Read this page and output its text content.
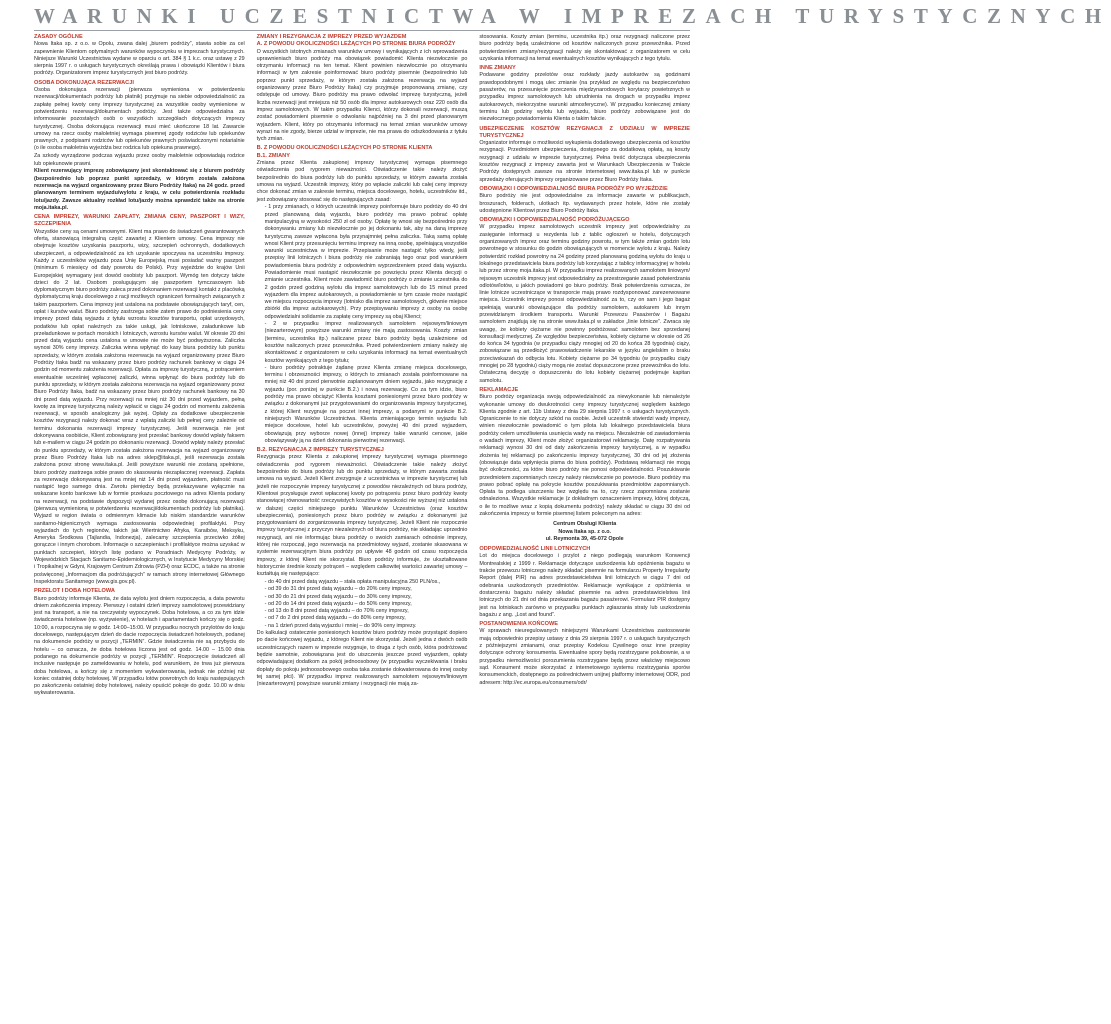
WARUNKI UCZESTNICTWA W IMPREZACH TURYSTYCZNYCH
ZASADY OGÓLNE

Nowa Itaka sp. z o.o. w Opolu, zwana dalej „biurem podróży”, stawia sobie za cel zapewnienie Klientom optymalnych warunków wypoczynku w imprezach turystycznych. Niniejsze Warunki Uczestnictwa wydane w oparciu o art. 384 § 1 k.c. oraz ustawę z 29 sierpnia 1997 r. o usługach turystycznych określają prawa i obowiązki Klientów i biura podróży. Organizatorem imprez turystycznych jest biuro podróży.

OSOBA DOKONUJĄCA REZERWACJI

Osoba dokonująca rezerwacji (pierwsza wymieniona w potwierdzeniu rezerwacji/dokumentach podróży lub płatnik) przyjmuje na siebie odpowiedzialność za zapłatę pełnej kwoty ceny imprezy turystycznej za wszystkie osoby wymienione w potwierdzeniu rezerwacji/dokumentach podróży. Jest także odpowiedzialna za informowanie pozostałych osób o wszystkich szczegółach dotyczących imprezy turystycznej. Osoba dokonująca rezerwacji musi mieć ukończone 18 lat. Zawarcie umowy na rzecz osoby małoletniej wymaga pisemnej zgody rodziców lub opiekunów prawnych, z podpisami rodziców lub opiekunów prawnych poświadczonymi notarialnie (o ile osoba małoletnia wyjeżdża bez rodzica lub opiekuna prawnego).

Za szkody wyrządzone podczas wyjazdu przez osoby małoletnie odpowiadają rodzice lub opiekunowie prawni.

Klient rezerwujący imprezę zobowiązany jest skontaktować się z biurem podróży (bezpośrednio lub poprzez punkt sprzedaży, w którym została założona rezerwacja na wyjazd organizowany przez Biuro Podróży Itaka) na 24 godz. przed planowanym terminem wyjazdu/wylotu z kraju, w celu potwierdzenia rozkładu lotu/jazdy. Zawsze aktualny rozkład lotu/jazdy można sprawdzić także na stronie moja.itaka.pl.

CENA IMPREZY, WARUNKI ZAPŁATY, ZMIANA CENY, PASZPORT I WIZY, SZCZEPIENIA

Wszystkie ceny są cenami umownymi. Klient ma prawo do świadczeń gwarantowanych ofertą, stanowiącą integralną część zawartej z Klientem umowy. Cena imprezy nie obejmuje kosztów uzyskania paszportu, wizy, szczepień ochronnych, dodatkowych ubezpieczeń, a odpowiedzialność za ich uzyskanie spoczywa na uczestniku imprezy. Każdy z uczestników wyjazdu poza Unię Europejską musi posiadać ważny paszport (minimum 6 miesięcy od daty powrotu do Polski). Przy wyjeździe do krajów Unii Europejskiej wymagany jest dowód osobisty lub paszport. Wymóg ten dotyczy także dzieci do 2 lat. Osobom posługującym się paszportem tymczasowym lub dyplomatycznym biuro podróży zaleca przed dokonaniem rezerwacji kontakt z placówką dyplomatyczną kraju docelowego z racji możliwych ograniczeń formalnych związanych z takim paszportem. Cena imprezy jest ustalona na podstawie obowiązujących taryf, cen, opłat i kursów walut. Biuro podróży zastrzega sobie zatem prawo do podniesienia ceny imprezy przed datą wyjazdu z tytułu wzrostu kosztów transportu, opłat urzędowych, podatków lub opłat należnych za takie usługi, jak lotniskowe, załadunkowe lub przeładunkowe w portach morskich i lotniczych, wzrostu kursów walut. W okresie 20 dni przed datą wyjazdu cena ustalona w umowie nie może być podwyższona. Zaliczka wynosi 30% ceny imprezy. Zaliczka winna wpłynąć do kasy biura podróży lub punktu sprzedaży, w którym została założona rezerwacja na wyjazd organizowany przez Biuro Podróży Itaka badź na wskazany przez biuro podróży rachunek bankowy w ciągu 24 godzin od momentu założenia rezerwacji. Opłata za imprezę turystyczną, z potrąceniem ewentualnie wcześniej wpłaconej zaliczki, winna wpłynąć do biura podróży lub do punktu sprzedaży, w którym została założona rezerwacja na wyjazd organizowany przez Biuro Podróży Itaka, badź na wskazany przez biuro podróży rachunek bankowy na 30 dni przed datą wyjazdu. Przy rezerwacji na mniej niż 30 dni przed wyjazdem, pełną kwotę za imprezę turystyczną należy wpłacić w ciągu 24 godzin od momentu założenia rezerwacji, w sposób analogiczny jak wyżej. Opłaty za dodatkowe ubezpieczenie kosztów rezygnacji należy dokonać wraz z wpłatą zaliczki lub pełnej ceny zależnie od terminu dokonania rezerwacji imprezy turystycznej. Jeśli rezerwacja nie jest dokonywana osobiście, Klient zobowiązany jest przesłać bankowy dowód wpłaty faksem lub e-mailem w ciągu 24 godzin po dokonaniu rezerwacji. Dowód wpłaty należy przesłać do punktu sprzedaży, w którym została założona rezerwacja na wyjazd organizowany przez Biuro Podróży Itaka lub na adres sklep@itaka.pl, jeśli rezerwacja została założona przez stronę www.itaka.pl. Jeśli powyższe warunki nie zostaną spełnione, biuro podróży zastrzega sobie prawo do skasowania niezapłaconej rezerwacji. Zapłata za rezerwację dokonywaną jest na mniej niż 14 dni przed wyjazdem, płatność musi nastąpić tego samego dnia. Zwrotu pieniędzy będą przekazywane wyłącznie na wskazane konto bankowe lub w formie przekazu pocztowego na adres Klienta podany na rezerwacji, na podstawie dyspozycji wydanej przez osobę dokonującą rezerwacji (pierwszą wymienioną w potwierdzeniu rezerwacji/dokumentach podróży lub płatnika). Wyjazd w region świata o odmiennym klimacie lub niskim standardzie warunków sanitarno-higienicznych wymaga zastosowania odpowiedniej profilaktyki. Przy wyjazdach do tych regionów, takich jak Wiertnictwo Afryka, Karaibów, Meksyku, Ameryka Środkowa (Tajlandia, Indonezja), zalecamy szczepienia przeciwko żółtej gorączce i innym chorobom. Informacje o szczepieniach i profilaktyce można uzyskać w punktach szczepień, których listę podano w Poradniach Medycyny Podróży, w Wojewódzkich Stacjach Sanitarno-Epidemiologicznych, w Instytucie Medycyny Morskiej i Tropikalnej w Gdyni, Krajowym Centrum Zdrowia (PZH) oraz ECDC, a także na stronie poświęconej „Informacjom dla podróżujących” w ramach strony internetowej Głównego Inspektoratu Sanitarnego (www.gis.gov.pl).

PRZELOT I DOBA HOTELOWA

Biuro podróży informuje Klienta, że data wylotu jest dniem rozpoczęcia, a data powrotu dniem zakończenia imprezy. Pierwszy i ostatni dzień imprezy samolotowej przewidziany jest na transport, a nie na rzeczywisty wypoczynek. Doba hotelowa, a co za tym idzie świadczenia hotelowe (np. wyżywienie), w hotelach i apartamentach kończy się o godz. 10:00, a rozpoczyna się w godz. 14:00–15:00. W przypadku nocnych przylotów do kraju docelowego, następującym dzień do dacie rozpoczęcia świadczeń hotelowych, podanej na dokumencie podróży w pozycji „TERMIN”. Gdzie świadczenia nie są przybyciu do hotelu – co oznacza, że doba hotelowa liczona jest od godz. 14.00 – 15.00 dnia podanego na dokumencie podróży w pozycji „TERMIN”. Rozpoczęcie świadczeń all inclusive następuje po zameldowaniu w hotelu, pod warunkiem, że trwa już pierwsza doba hotelowa, a kończy się z momentem wykwaterowania, jednak nie później niż koniec ostatniej doby hotelowej. W przypadku lotów powrotnych do kraju następujących po zakończeniu ostatniej doby hotelowej, należy opuścić pokoje do godz. 10.00 w dniu wykwaterowania.

ZMIANY I REZYGNACJA Z IMPREZY PRZED WYJAZDEM
A. Z POWODU OKOLICZNOŚCI LEŻĄCYCH PO STRONIE BIURA PODRÓŻY

O wszystkich istotnych zmianach warunków umowy i wynikających z ich wprowadzenia uprawnieniach biuro podróży ma obowiązek powiadomić Klienta niezwłocznie po otrzymaniu informacji na ten temat. Klient powinien niezwłocznie po otrzymaniu informacji w tym zakresie poinformować biuro podróży pisemnie (bezpośrednio lub poprzez punkt sprzedaży, w którym została założona rezerwacja na wyjazd organizowany przez Biuro Podróży Itaka) czy przyjmuje proponowaną zmianę, czy odstępuje od umowy. Biuro podróży ma prawo odwołać imprezę turystyczną, jeżeli liczba rezerwacji jest mniejsza niż 50 osób dla imprez autokarowych oraz 220 osób dla imprez samolotowych. W takim przypadku Klienci, którzy dokonali rezerwacji, muszą zostać powiadomieni pisemnie o odwołaniu najpóźniej na 3 dni przed planowanym wyjazdem. Klient, który po otrzymaniu informacji na temat zmian warunków umowy wyrazi na nie zgody, bierze udział w imprezie, nie ma prawa do odszkodowania z tytułu tych zmian.

B. Z POWODU OKOLICZNOŚCI LEŻĄCYCH PO STRONIE KLIENTA
B.1. ZMIANY

Zmiana przez Klienta zakupionej imprezy turystycznej wymaga pisemnego oświadczenia pod rygorem nieważności. Oświadczenie takie należy złożyć bezpośrednio do biura podróży lub do punktu sprzedaży, w którym zawarta została umowa na wyjazd. Uczestnik imprezy, który po wpłacie zaliczki lub całej ceny imprezy chce dokonać zmian w zakresie terminu, miejsca docelowego, hotelu, uczestników itd., jest zobowiązany stosować się do następujących zasad:

- 1 przy zmianach, o których uczestnik imprezy poinformuje biuro podróży do 40 dni przed planowaną datą wyjazdu, biuro podróży ma prawo pobrać opłatę manipulacyjną w wysokości 250 zł od osoby. Opłatę tę wnosi się bezpośrednio przy dokonywaniu zmiany lub niezwłocznie po jej dokonaniu tak, aby na daną imprezę turystyczną zawsze wpłacona była przynajmniej pełna zaliczka. Taką samą opłatę wnosi Klient przy przesunięciu terminu imprezy na inną osobę, spełniającą wszystkie warunki uczestnictwa w imprezie. Przepisanie może nastąpić tylko wtedy, jeśli przepisy linii lotniczych i biura podróży nie zabraniają tego oraz pod warunkiem powiadomienia biura podróży z odpowiednim wyprzedzeniem przed datą wyjazdu. Powiadomienie musi nastąpić niezwłocznie po powzięciu przez Klienta decyzji o zmianie uczestnika. Klient może zawiadomić biuro podróży o zmianie uczestnika do 2 godzin przed godziną wylotu dla imprez samolotowych lub do 15 minut przed wyjazdem dla imprez autokarowych, a powiadomienie w tym czasie może nastąpić we miejscu rozpoczęcia imprezy (lotnisko dla imprez samolotowych, głównie miejsce zbiórki dla imprez autokarowych). Przy przepisywaniu imprezy z osoby na osobę odpowiedzialni solidarnie za zapłatę ceny imprezy są obaj Klienci;
- 2 w przypadku imprez realizowanych samolotem rejsowym/liniowym (niezarterowym) powyższe warunki zmiany nie mają zastosowania. Koszty zmian (terminu, uczestnika itp.) naliczane przez biuro podróży będą uzależnione od kosztów naliczonych przez przewoźnika. Przed potwierdzeniem zmiany należy się skontaktować z organizatorem w celu uzyskania informacji na temat ewentualnych kosztów wynikających z tego tytułu;
- biuro podróży potraktuje żądanę przez Klienta zmianę miejsca docelowego, terminu i obrzeszności imprezy, o których to zmianach została poinformowane na mniej niż 40 dni przed pierwotnie zaplanowanym dniem wyjazdu, jako rezygnację z wyjazdu (por. poniżej w punkcie B.2.) i nową rezerwację. Co za tym idzie, biuro podróży ma prawo obciążyć Klienta kosztami poniesionymi przez biuro podróży w związku z dokonanymi już przygotowaniami do organizowania imprezy turystycznej, z której Klient rezygnuje na poczet innej imprezy, a podanymi w punkcie B.2. niniejszych Warunków Uczestnictwa. Klienta zmieniającego termin wyjazdu lub miejsce docelowe, hotel lub uczestników, powyżej 40 dni przed wyjazdem, obowiązują przy wyborze nowej (innej) imprezy takie warunki cenowe, jakie obowiązywały ją na dzień dokonania pierwotnej rezerwacji.
B.2. REZYGNACJA Z IMPREZY TURYSTYCZNEJ

Rezygnacja przez Klienta z zakupionej imprezy turystycznej wymaga pisemnego oświadczenia pod rygorem nieważności. Oświadczenie takie należy złożyć bezpośrednio do biura podróży lub do punktu sprzedaży, w którym zawarta została umowa na wyjazd. Jeżeli Klient zrezygnuje z uczestnictwa w imprezie turystycznej lub jeżeli nie rozpoczynie imprezy turystycznej z powodów niezależnych od biura podróży, Klientowi przysługuje zwrot wpłaconej kwoty po potrąceniu przez biuro podróży kwoty stanowiącej równowartość rzeczywistych kosztów w wysokości nie wyższej niż ustalona w dalszej części niniejszego punktu Warunków Uczestnictwa (oraz kosztów ubezpieczenia), poniesionych przez biuro podróży w związku z dokonanymi już przygotowaniami do zorganizowania imprezy turystycznej. Jeżeli Klient nie rozpocznie imprezy turystycznej z przyczyn niezależnych od biura podróży, nie składając uprzednio rezygnacji, ani nie informując biura podróży o swoich zamiarach odnośnie imprezy, której nie rozpoczął, jego rezerwacja na przedmiotowy wyjazd, zostanie skasowana w systemie rezerwacyjnym biura podróży po upływie 48 godzin od czasu rozpoczęcia imprezy, z której Klient nie skorzystał. Biuro podróży informuje, że ukształtowane historycznie średnie koszty potrąceń – względem całkowitej wartości zawartej umowy – kształtują się następująco:

- do 40 dni przed datą wyjazdu – stała opłata manipulacyjna 250 PLN/os.,
- od 39 do 31 dni przed datą wyjazdu – do 20% ceny imprezy,
- od 30 do 21 dni przed datą wyjazdu – do 30% ceny imprezy,
- od 20 do 14 dni przed datą wyjazdu – do 50% ceny imprezy,
- od 13 do 8 dni przed datą wyjazdu – do 70% ceny imprezy,
- od 7 do 2 dni przed datą wyjazdu – do 80% ceny imprezy,
- na 1 dzień przed datą wyjazdu i mniej – do 90% ceny imprezy.

Do kalkulacji ostatecznie poniesionych kosztów biuro podróży może przystąpić dopiero po dacie końcowej wyjazdu, z którego Klient nie skorzystał. Jeżeli jedna z dwóch osób uczestniczących razem w imprezie rezygnuje, to druga z tych osób, która podróżować będzie samotnie, zobowiązana jest do uiszczenia jeszcze przed wyjazdem, opłaty odpowiadającej dodatkom za pokój jednoosobowy (w przypadku wyczekiwania i braku dopłaty do pokoju jednoosobowego osoba taka zostanie dokwaterowana do innej osoby tej samej płci). W przypadku imprez realizowanych samolotem rejsowym/liniowym (niezarterowym) powyższe warunki zmiany i rezygnacji nie mają za-

stosowania. Koszty zmian (terminu, uczestnika itp.) oraz rezygnacji naliczone przez biuro podróży będą uzależnione od kosztów naliczonych przez przewoźnika. Przed potwierdzeniem zmiany/rezygnacji należy się skontaktować z organizatorem w celu uzyskania informacji na temat ewentualnych kosztów wynikających z tego tytułu.

INNE ZMIANY

Podawane godziny przelotów oraz rozkłady jazdy autokarów są godzinami prawdopodobnymi i mogą ulec zmianie (na przykład ze względu na bezpieczeństwo pasażerów, na przesunięcie przeczenia międzynarodowych korytarzy powietrznych w przypadku imprez samolotowych lub utrudnienia na drogach w przypadku imprez autokarowych, niekorzystne warunki atmosferyczne). W przypadku koniecznej zmiany terminu lub godziny wylotu lub wyjazdu, biuro podróży zobowiązane jest do niezwłocznego powiadomienia Klienta o takim fakcie.

UBEZPIECZENIE KOSZTÓW REZYGNACJI Z UDZIAŁU W IMPREZIE TURYSTYCZNEJ

Organizator informuje o możliwości wykupienia dodatkowego ubezpieczenia od kosztów rezygnacji. Przedmiotem ubezpieczenia, dostępnego za dodatkową opłatą, są koszty rezygnacji z udziału w imprezie turystycznej. Pełna treść dotycząca ubezpieczenia kosztów rezygnacji z imprezy zawarta jest w Warunkach Ubezpieczenia w Trakcie Podróży dostępnych zawsze na stronie internetowej www.itaka.pl lub w punkcie sprzedaży oferujących imprezy organizowane przez Biuro Podróży Itaka.

OBOWIĄZKI I ODPOWIEDZIALNOŚĆ BIURA PODRÓŻY PO WYJEŹDZIE

Biuro podróży nie jest odpowiedzialne za informacje zawarte w publikacjach, broszurach, folderach, ulotkach itp. wydawanych przez hotele, które nie zostały udostępnione Klientowi przez Biuro Podróży Itaka.

OBOWIĄZKI I ODPOWIEDZIALNOŚĆ PODRÓŻUJĄCEGO

W przypadku imprez samolotowych uczestnik imprezy jest odpowiedzialny za zasięganie informacji u rezydenta lub z tablic ogłoszeń w hotelu, dotyczących organizowanych imprez oraz terminu godziny powrotu, w tym także zmian godzin lotu powrotnego w stosunku do godzin obowiązujących w momencie wylotu z kraju. Należy potwierdzić rozkład powrotny na 24 godziny przed planowaną godziną wylotu do kraju u lokalnego przedstawiciela biura podróży lub korzystając z tablicy informacyjnej w hotelu lub przez stronę moja.itaka.pl. W przypadku imprez realizowanych samolotem liniowym/ rejsowym uczestnik imprezy jest odpowiedzialny za przestrzeganie zasad potwierdzania odlotów/lotów, u jakich powiadomi go biuro podróży. Brak potwierdzenia oznacza, że linie lotnicze uczestniczące w transporcie mają prawo rozdysponować zarezerwowane miejsca. Uczestnik imprezy ponosi odpowiedzialność za to, czy on sam i jego bagaż spełniają warunki obowiązujące dla podróży samolotem, autokarem lub innym przewidzianym środkiem transportu. Warunki Przewozu Pasażerów i Bagażu samolotem znajdują się na stronie www.itaka.pl w zakładce „linie lotnicze”. Zwraca się uwagę, że kobiety ciężarne nie powinny podróżować samolotem bez sprzedanej konsultacji medycznej. Ze względów bezpieczeństwa, kobiety ciężarne w okresie od 26 do końca 34 tygodnia (w przypadku ciąży mnogiej od 20 do końca 28 tygodnia) ciąży, zobowiązane są przedłożyć prawowiadczenie lekarskie w języku angielskim o braku przeciwskazań do odbycia lotu. Kobiety ciężarne po 34 tygodniu (w przypadku ciąży mnogiej po 28 tygodniu) ciąży mogą nie zostać dopuszczone przez przewoźnika do lotu. Ostateczną decyzję o dopuszczeniu do lotu kobiety ciężarnej podejmuje kapitan samolotu.

REKLAMACJE

Biuro podróży organizacja swoją odpowiedzialność za niewykonanie lub nienależyte wykonanie umowy do dwukrotności ceny imprezy turystycznej względem każdego Klienta zgodnie z art. 11b Ustawy z dnia 29 sierpnia 1997 r. o usługach turystycznych. Ograniczenie to nie dotyczy szkód na osobie. Jeżeli uczestnik stwierdzi wady imprezy, winien niezwłocznie powiadomić o tym pilota lub lokalnego przedstawiciela biura podróży celem umożliwienia usunięcia wady na miejscu. Niezależnie od zawiadomienia o wadach imprezy, Klient może złożyć organizatorowi reklamację. Datę rozpatrywania reklamacji wynosi 30 dni od daty zakończenia imprezy turystycznej, a w wypadku złożenia tej reklamacji po zakończeniu imprezy turystycznej, 30 dni od jej złożenia (obowiązuje data wpłynięcia pisma do biura podróży). Podstawą reklamacji nie mogą być okoliczności, za które biuro podróży nie ponosi odpowiedzialności. Poszukiwanie przedmiotem zapomnianych rzeczy należy niezwłocznie po powrocie. Biuro podróży ma prawo pobrać opłatę na pokrycie kosztów poszukiwania przedmiotów zapomnianych. Opłata ta podlega uiszczeniu bez względu na to, czy rzecz zapomniana zostanie odnaleziona. Wszystkie reklamacje (z dokładnym oznaczeniem imprezy, której dotyczą, o ile to możliwe wraz z kopią dokumentu podróży) należy składać w ciągu 30 dni od zakończenia imprezy w formie pisemnej listem poleconym na adres:

Centrum Obsługi Klienta
Nowa Itaka sp. z o.o.
ul. Reymonta 39, 45-072 Opole
ODPOWIEDZIALNOŚĆ LINII LOTNICZYCH

Lot do miejsca docelowego i przylot z niego podlegają warunkom Konwencji Montrealskiej z 1999 r. Reklamacje dotyczące uszkodzenia lub opóźnienia bagażu w trakcie przewozu lotniczego należy składać pisemnie na formularzu Property Irregularity Report (dalej PIR) na adres przedstawicielstwa linii lotniczych w ciągu 7 dni od odebrania uszkodzonych przedmiotów. Reklamacje wynikające z opóźnienia w dostarczeniu bagażu należy składać pisemnie na adres przedstawicielstwa linii lotniczych do 21 dni od dnia przekazania bagażu pasażerowi. Formularz PIR dostępny jest na lotniskach zarówno w przypadku punktach zgłaszania straty lub uszkodzenia bagażu z ang. „Lost and found”.

POSTANOWIENIA KOŃCOWE

W sprawach nieuregulowanych niniejszymi Warunkami Uczestnictwa zastosowanie mają odpowiednio przepisy ustawy z dnia 29 sierpnia 1997 r. o usługach turystycznych z późniejszymi zmianami, oraz przepisy Kodeksu Cywilnego oraz inne przepisy dotyczące ochrony konsumenta. Ewentualne spory będą rozstrzygane polubownie, a w przypadku niemożliwości porozumienia rozstrzygane będą przez właściwy miejscowo sąd. Konsument może skorzystać z internetowego systemu rozstrzygania sporów konsumenckich, dostępnego za pośrednictwem unijnej platformy internetowej ODR, pod adresem: http://ec.europa.eu/consumers/odr/
